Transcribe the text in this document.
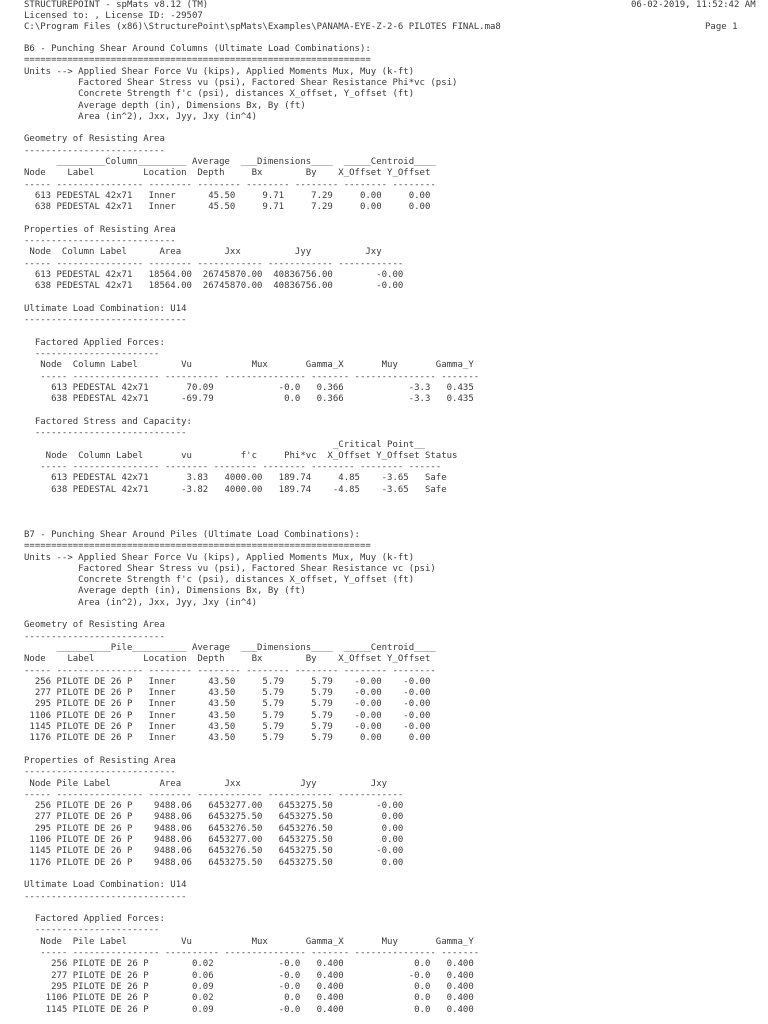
STRUCTUREPOINT - spMats v8.12 (TM)	06-02-2019, 11:52:42 AM
Licensed to: , License ID: -29507
C:\Program Files (x86)\StructurePoint\spMats\Examples\PANAMA-EYE-Z-2-6 PILOTES FINAL.ma8	Page 1
B6 - Punching Shear Around Columns (Ultimate Load Combinations):
================================================================
Units --> Applied Shear Force Vu (kips), Applied Moments Mux, Muy (k-ft)
Factored Shear Stress vu (psi), Factored Shear Resistance Phi*vc (psi)
Concrete Strength f'c (psi), distances X_offset, Y_offset (ft)
Average depth (in), Dimensions Bx, By (ft)
Area (in^2), Jxx, Jyy, Jxy (in^4)
Geometry of Resisting Area
--------------------------
_________Column_________ Average  ___Dimensions____  _____Centroid____
Node    Label         Location  Depth     Bx        By    X_Offset Y_Offset
----- ---------------- -------- -------- -------- -------- -------- --------
613 PEDESTAL 42x71   Inner      45.50     9.71     7.29     0.00     0.00
638 PEDESTAL 42x71   Inner      45.50     9.71     7.29     0.00     0.00
Properties of Resisting Area
----------------------------
Node  Column Label      Area        Jxx          Jyy          Jxy
----- ---------------- -------- ------------ ------------ ------------
613 PEDESTAL 42x71   18564.00  26745870.00  40836756.00        -0.00
638 PEDESTAL 42x71   18564.00  26745870.00  40836756.00        -0.00
Ultimate Load Combination: U14
------------------------------
Factored Applied Forces:
-----------------------
Node  Column Label        Vu           Mux       Gamma_X       Muy       Gamma_Y
----- ---------------- ---------- --------------- ------- --------------- -------
613 PEDESTAL 42x71       70.09            -0.0   0.366            -3.3   0.435
638 PEDESTAL 42x71      -69.79             0.0   0.366            -3.3   0.435
Factored Stress and Capacity:
----------------------------
_Critical Point__
Node  Column Label       vu         f'c     Phi*vc  X_Offset Y_Offset Status
----- ---------------- -------- -------- -------- -------- -------- ------
613 PEDESTAL 42x71       3.83   4000.00   189.74     4.85    -3.65   Safe
638 PEDESTAL 42x71      -3.82   4000.00   189.74    -4.85    -3.65   Safe
B7 - Punching Shear Around Piles (Ultimate Load Combinations):
================================================================
Units --> Applied Shear Force Vu (kips), Applied Moments Mux, Muy (k-ft)
Factored Shear Stress vu (psi), Factored Shear Resistance vc (psi)
Concrete Strength f'c (psi), distances X_offset, Y_offset (ft)
Average depth (in), Dimensions Bx, By (ft)
Area (in^2), Jxx, Jyy, Jxy (in^4)
Geometry of Resisting Area
--------------------------
__________Pile__________ Average  ___Dimensions____  _____Centroid____
Node    Label         Location  Depth     Bx        By    X_Offset Y_Offset
----- ---------------- -------- -------- -------- -------- -------- --------
256 PILOTE DE 26 P   Inner      43.50     5.79     5.79    -0.00    -0.00
277 PILOTE DE 26 P   Inner      43.50     5.79     5.79    -0.00    -0.00
295 PILOTE DE 26 P   Inner      43.50     5.79     5.79    -0.00    -0.00
1106 PILOTE DE 26 P   Inner      43.50     5.79     5.79    -0.00    -0.00
1145 PILOTE DE 26 P   Inner      43.50     5.79     5.79    -0.00    -0.00
1176 PILOTE DE 26 P   Inner      43.50     5.79     5.79     0.00     0.00
Properties of Resisting Area
----------------------------
Node Pile Label         Area        Jxx           Jyy          Jxy
----- ---------------- -------- ------------ ------------ ------------
256 PILOTE DE 26 P    9488.06   6453277.00   6453275.50        -0.00
277 PILOTE DE 26 P    9488.06   6453275.50   6453275.50         0.00
295 PILOTE DE 26 P    9488.06   6453276.50   6453276.50         0.00
1106 PILOTE DE 26 P    9488.06   6453277.00   6453275.50         0.00
1145 PILOTE DE 26 P    9488.06   6453276.50   6453275.50        -0.00
1176 PILOTE DE 26 P    9488.06   6453275.50   6453275.50         0.00
Ultimate Load Combination: U14
------------------------------
Factored Applied Forces:
-----------------------
Node  Pile Label          Vu           Mux       Gamma_X       Muy       Gamma_Y
----- ---------------- ---------- --------------- ------- --------------- -------
256 PILOTE DE 26 P        0.02            -0.0   0.400             0.0   0.400
277 PILOTE DE 26 P        0.06            -0.0   0.400            -0.0   0.400
295 PILOTE DE 26 P        0.09            -0.0   0.400             0.0   0.400
1106 PILOTE DE 26 P        0.02             0.0   0.400             0.0   0.400
1145 PILOTE DE 26 P        0.09            -0.0   0.400             0.0   0.400
